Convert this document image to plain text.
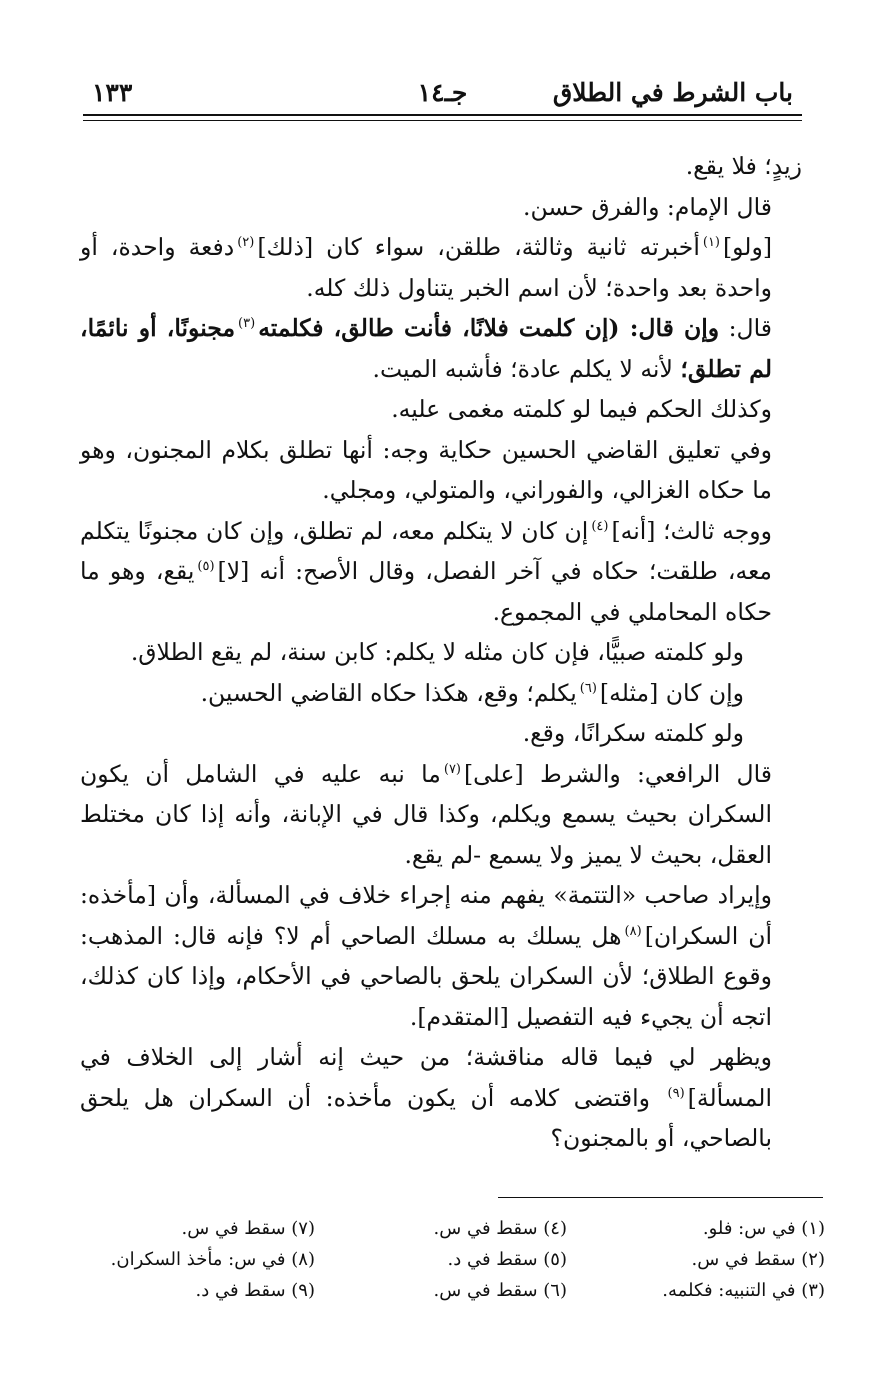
باب الشرط في الطلاق
جـ١٤
١٣٣

زيدٍ؛ فلا يقع.

قال الإمام: والفرق حسن.

[ولو]$^{(١)}$أخبرته ثانية وثالثة، طلقن، سواء كان [ذلك]$^{(٢)}$دفعة واحدة، أو واحدة بعد واحدة؛ لأن اسم الخبر يتناول ذلك كله.

قال: وإن قال: (إن كلمت فلانًا، فأنت طالق، فكلمته$^{(٣)}$مجنونًا، أو نائمًا، لم تطلق؛ لأنه لا يكلم عادة؛ فأشبه الميت.

وكذلك الحكم فيما لو كلمته مغمى عليه.

وفي تعليق القاضي الحسين حكاية وجه: أنها تطلق بكلام المجنون، وهو ما حكاه الغزالي، والفوراني، والمتولي، ومجلي.

ووجه ثالث؛ [أنه]$^{(٤)}$إن كان لا يتكلم معه، لم تطلق، وإن كان مجنونًا يتكلم معه، طلقت؛ حكاه في آخر الفصل، وقال الأصح: أنه [لا]$^{(٥)}$يقع، وهو ما حكاه المحاملي في المجموع.

ولو كلمته صبيًّا، فإن كان مثله لا يكلم: كابن سنة، لم يقع الطلاق.

وإن كان [مثله]$^{(٦)}$يكلم؛ وقع، هكذا حكاه القاضي الحسين.

ولو كلمته سكرانًا، وقع.

قال الرافعي: والشرط [على]$^{(٧)}$ما نبه عليه في الشامل أن يكون السكران بحيث يسمع ويكلم، وكذا قال في الإبانة، وأنه إذا كان مختلط العقل، بحيث لا يميز ولا يسمع -لم يقع.

وإيراد صاحب «التتمة» يفهم منه إجراء خلاف في المسألة، وأن [مأخذه: أن السكران]$^{(٨)}$هل يسلك به مسلك الصاحي أم لا؟ فإنه قال: المذهب: وقوع الطلاق؛ لأن السكران يلحق بالصاحي في الأحكام، وإذا كان كذلك، اتجه أن يجيء فيه التفصيل [المتقدم].

ويظهر لي فيما قاله مناقشة؛ من حيث إنه أشار إلى الخلاف في المسألة]$^{(٩)}$ واقتضى كلامه أن يكون مأخذه: أن السكران هل يلحق بالصاحي، أو بالمجنون؟

(١) في س: فلو.
(٢) سقط في س.
(٣) في التنبيه: فكلمه.
(٤) سقط في س.
(٥) سقط في د.
(٦) سقط في س.
(٧) سقط في س.
(٨) في س: مأخذ السكران.
(٩) سقط في د.
